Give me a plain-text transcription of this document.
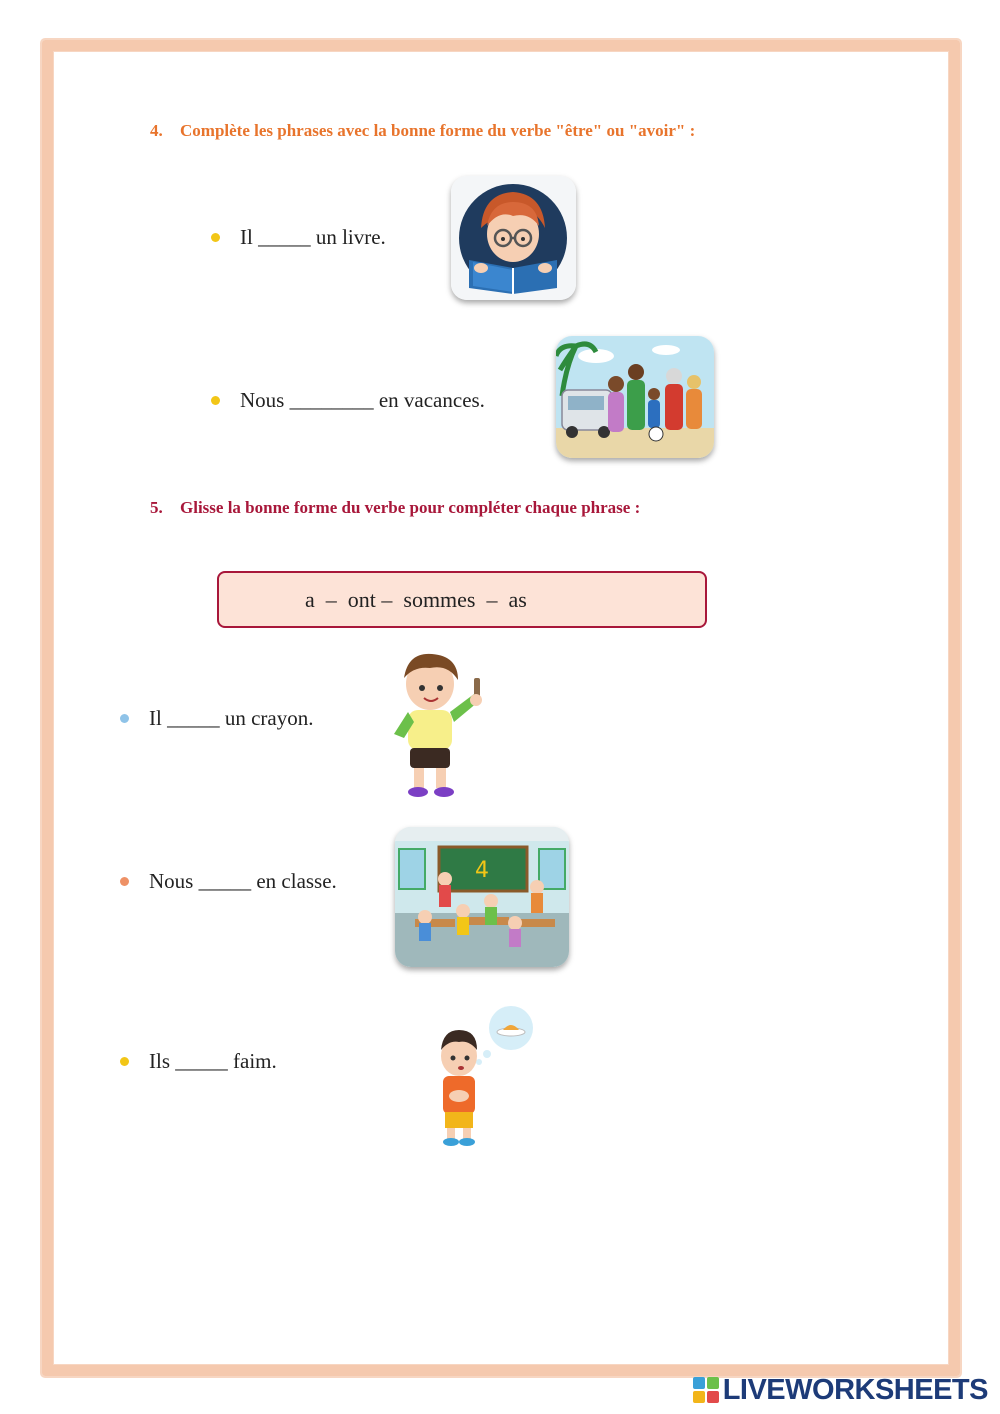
4. Complète les phrases avec la bonne forme du verbe "être" ou "avoir" :
Il _____ un livre.
Nous ________ en vacances.
5. Glisse la bonne forme du verbe pour compléter chaque phrase :
a  –  ont –  sommes  –  as
Il _____ un crayon.
Nous _____ en classe.	4
Ils _____ faim.
LIVEWORKSHEETS
